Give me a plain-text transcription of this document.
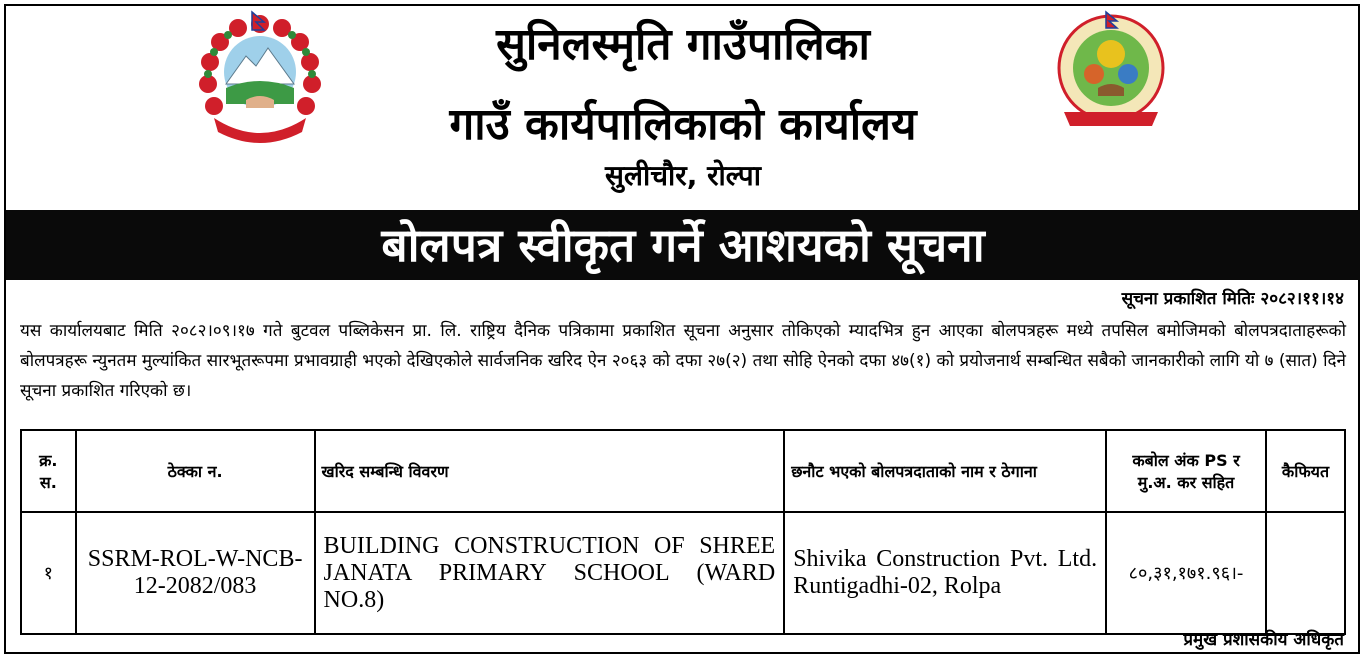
सुनिलस्मृति गाउँपालिका
गाउँ कार्यपालिकाको कार्यालय
सुलीचौर, रोल्पा
बोलपत्र स्वीकृत गर्ने आशयको सूचना
सूचना प्रकाशित मितिः २०८२।११।१४
यस कार्यालयबाट मिति २०८२।०९।१७ गते बुटवल पब्लिकेसन प्रा. लि. राष्ट्रिय दैनिक पत्रिकामा प्रकाशित सूचना अनुसार तोकिएको म्यादभित्र हुन आएका बोलपत्रहरू मध्ये तपसिल बमोजिमको बोलपत्रदाताहरूको बोलपत्रहरू न्युनतम मुल्यांकित सारभूतरूपमा प्रभावग्राही भएको देखिएकोले सार्वजनिक खरिद ऐन २०६३ को दफा २७(२) तथा सोहि ऐनको दफा ४७(१) को प्रयोजनार्थ सम्बन्धित सबैको जानकारीको लागि यो ७ (सात) दिने सूचना प्रकाशित गरिएको छ।
क्र. स.	ठेक्का न.	खरिद सम्बन्धि विवरण	छनौट भएको बोलपत्रदाताको नाम र ठेगाना	कबोल अंक PS र मु.अ. कर सहित	कैफियत
१	SSRM-ROL-W-NCB-12-2082/083	BUILDING CONSTRUCTION OF SHREE JANATA PRIMARY SCHOOL (WARD NO.8)	Shivika Construction Pvt. Ltd. Runtigadhi-02, Rolpa	८०,३१,१७१.९६।-	
प्रमुख प्रशासकीय अधिकृत
